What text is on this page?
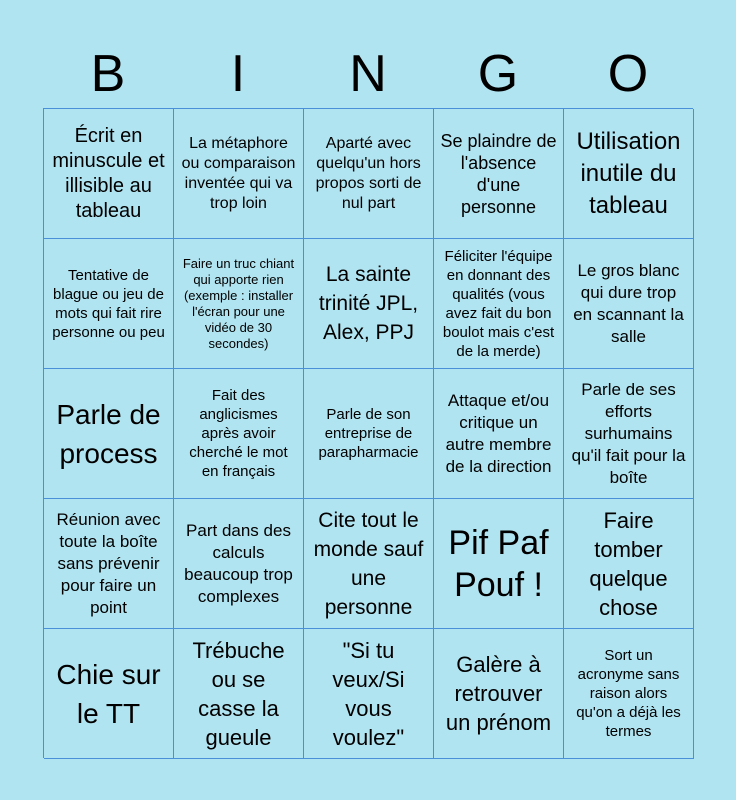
B	I	N	G	O
Écrit en minuscule et illisible au tableau
La métaphore ou comparaison inventée qui va trop loin
Aparté avec quelqu'un hors propos sorti de nul part
Se plaindre de l'absence d'une personne
Utilisation inutile du tableau
Tentative de blague ou jeu de mots qui fait rire personne ou peu
Faire un truc chiant qui apporte rien (exemple : installer l'écran pour une vidéo de 30 secondes)
La sainte trinité JPL, Alex, PPJ
Féliciter l'équipe en donnant des qualités (vous avez fait du bon boulot mais c'est de la merde)
Le gros blanc qui dure trop en scannant la salle
Parle de process
Fait des anglicismes après avoir cherché le mot en français
Parle de son entreprise de parapharmacie
Attaque et/ou critique un autre membre de la direction
Parle de ses efforts surhumains qu'il fait pour la boîte
Réunion avec toute la boîte sans prévenir pour faire un point
Part dans des calculs beaucoup trop complexes
Cite tout le monde sauf une personne
Pif Paf Pouf !
Faire tomber quelque chose
Chie sur le TT
Trébuche ou se casse la gueule
"Si tu veux/Si vous voulez"
Galère à retrouver un prénom
Sort un acronyme sans raison alors qu'on a déjà les termes
